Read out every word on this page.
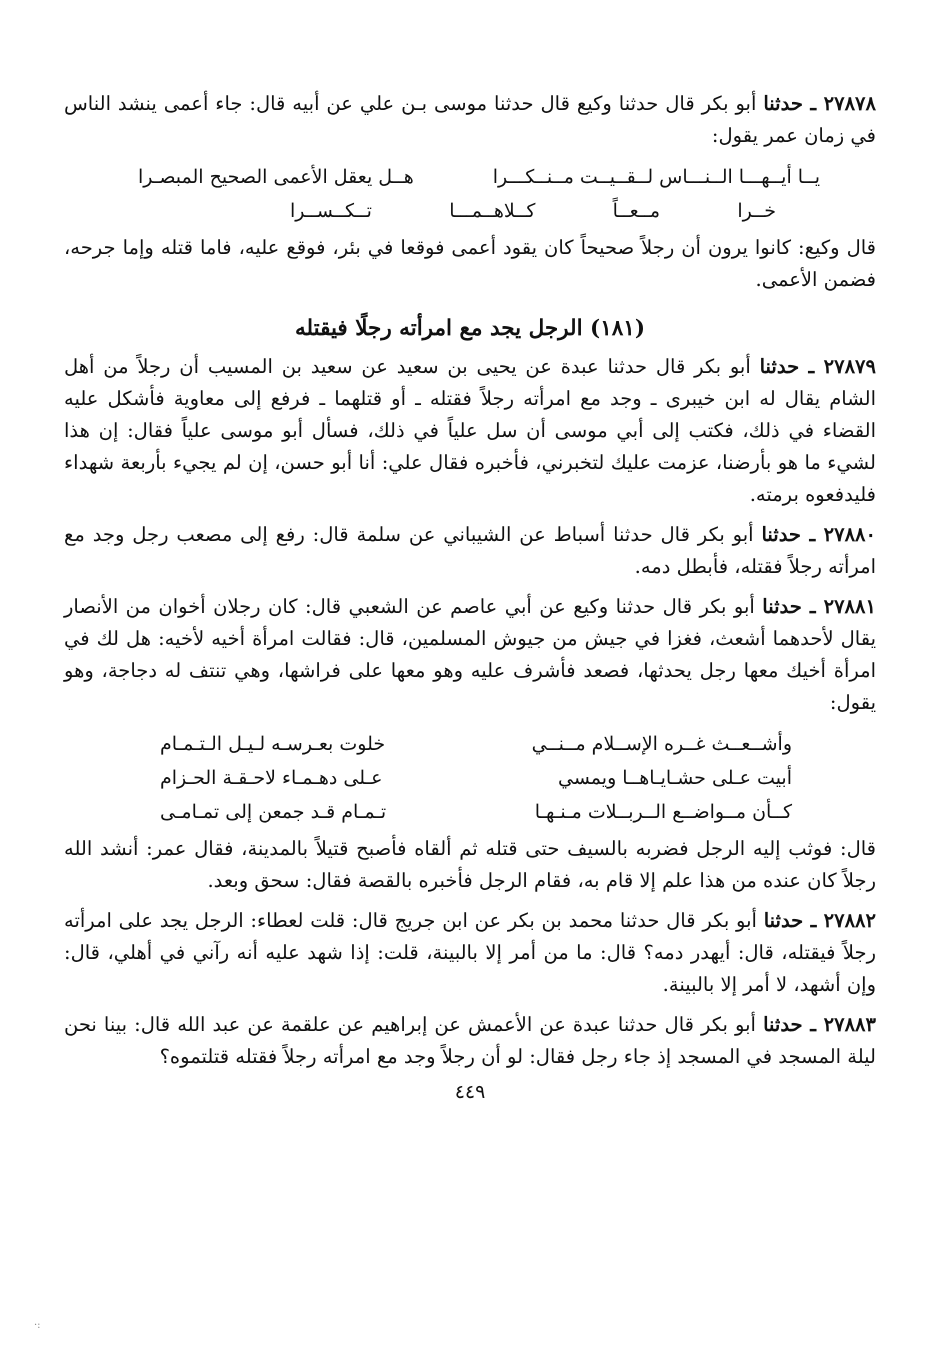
٢٧٨٧٨ ـ حدثنا أبو بكر قال حدثنا وكيع قال حدثنا موسى بـن علي عن أبيه قال: جاء أعمى ينشد الناس في زمان عمر يقول:

يــا أيــهـــا الــنـــاس لــقــيــت مــنــكـــرا
هــل يعقل الأعمى الصحيح المبصـرا
خــرا
مــعــاً
كــلاهــمـــا
تــكــســرا

قال وكيع: كانوا يرون أن رجلاً صحيحاً كان يقود أعمى فوقعا في بئر، فوقع عليه، فاما قتله وإما جرحه، فضمن الأعمى.

(١٨١) الرجل يجد مع امرأته رجلًا فيقتله

٢٧٨٧٩ ـ حدثنا أبو بكر قال حدثنا عبدة عن يحيى بن سعيد عن سعيد بن المسيب أن رجلاً من أهل الشام يقال له ابن خيبرى ـ وجد مع امرأته رجلاً فقتله ـ أو قتلهما ـ فرفع إلى معاوية فأشكل عليه القضاء في ذلك، فكتب إلى أبي موسى أن سل علياً في ذلك، فسأل أبو موسى علياً فقال: إن هذا لشيء ما هو بأرضنا، عزمت عليك لتخبرني، فأخبره فقال علي: أنا أبو حسن، إن لم يجيء بأربعة شهداء فليدفعوه برمته.

٢٧٨٨٠ ـ حدثنا أبو بكر قال حدثنا أسباط عن الشيباني عن سلمة قال: رفع إلى مصعب رجل وجد مع امرأته رجلاً فقتله، فأبطل دمه.

٢٧٨٨١ ـ حدثنا أبو بكر قال حدثنا وكيع عن أبي عاصم عن الشعبي قال: كان رجلان أخوان من الأنصار يقال لأحدهما أشعث، فغزا في جيش من جيوش المسلمين، قال: فقالت امرأة أخيه لأخيه: هل لك في امرأة أخيك معها رجل يحدثها، فصعد فأشرف عليه وهو معها على فراشها، وهي تنتف له دجاجة، وهو يقول:

وأشــعــث غــره الإســلام مــنــي
خلوت بعـرسـه لـيـل الـتـمـام
أبيت عـلى حشـايـاهــا ويمسي
عـلى دهـمـاء لاحـقـة الحـزام
كــأن مــواضــع الــربــلات مـنـهـا
تـمـام قـد جمعن إلى تمـامـى

قال: فوثب إليه الرجل فضربه بالسيف حتى قتله ثم ألقاه فأصبح قتيلاً بالمدينة، فقال عمر: أنشد الله رجلاً كان عنده من هذا علم إلا قام به، فقام الرجل فأخبره بالقصة فقال: سحق وبعد.

٢٧٨٨٢ ـ حدثنا أبو بكر قال حدثنا محمد بن بكر عن ابن جريج قال: قلت لعطاء: الرجل يجد على امرأته رجلاً فيقتله، قال: أيهدر دمه؟ قال: ما من أمر إلا بالبينة، قلت: إذا شهد عليه أنه رآني في أهلي، قال: وإن أشهد، لا أمر إلا بالبينة.

٢٧٨٨٣ ـ حدثنا أبو بكر قال حدثنا عبدة عن الأعمش عن إبراهيم عن علقمة عن عبد الله قال: بينا نحن ليلة المسجد في المسجد إذ جاء رجل فقال: لو أن رجلاً وجد مع امرأته رجلاً فقتله قتلتموه؟

٤٤٩
·:
